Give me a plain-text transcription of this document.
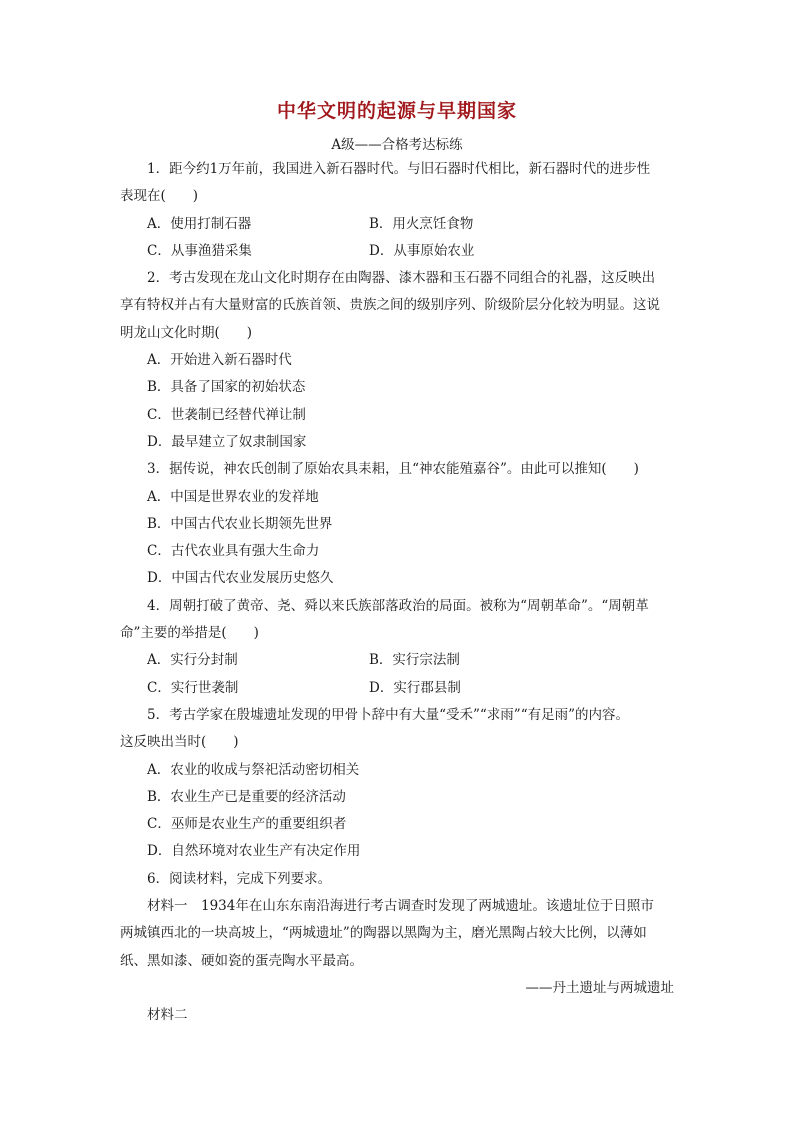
中华文明的起源与早期国家
A级——合格考达标练
1．距今约1万年前，我国进入新石器时代。与旧石器时代相比，新石器时代的进步性
表现在(　　)
A．使用打制石器	B．用火烹饪食物
C．从事渔猎采集	D．从事原始农业
2．考古发现在龙山文化时期存在由陶器、漆木器和玉石器不同组合的礼器，这反映出
享有特权并占有大量财富的氏族首领、贵族之间的级别序列、阶级阶层分化较为明显。这说
明龙山文化时期(　　)
A．开始进入新石器时代
B．具备了国家的初始状态
C．世袭制已经替代禅让制
D．最早建立了奴隶制国家
3．据传说，神农氏创制了原始农具耒耜，且“神农能殖嘉谷”。由此可以推知(　　)
A．中国是世界农业的发祥地
B．中国古代农业长期领先世界
C．古代农业具有强大生命力
D．中国古代农业发展历史悠久
4．周朝打破了黄帝、尧、舜以来氏族部落政治的局面。被称为“周朝革命”。“周朝革
命”主要的举措是(　　)
A．实行分封制	B．实行宗法制
C．实行世袭制	D．实行郡县制
5．考古学家在殷墟遗址发现的甲骨卜辞中有大量“受禾”“求雨”“有足雨”的内容。
这反映出当时(　　)
A．农业的收成与祭祀活动密切相关
B．农业生产已是重要的经济活动
C．巫师是农业生产的重要组织者
D．自然环境对农业生产有决定作用
6．阅读材料，完成下列要求。
材料一　1934年在山东东南沿海进行考古调查时发现了两城遗址。该遗址位于日照市
两城镇西北的一块高坡上，“两城遗址”的陶器以黑陶为主，磨光黑陶占较大比例，以薄如
纸、黑如漆、硬如瓷的蛋壳陶水平最高。
——丹土遗址与两城遗址
材料二
